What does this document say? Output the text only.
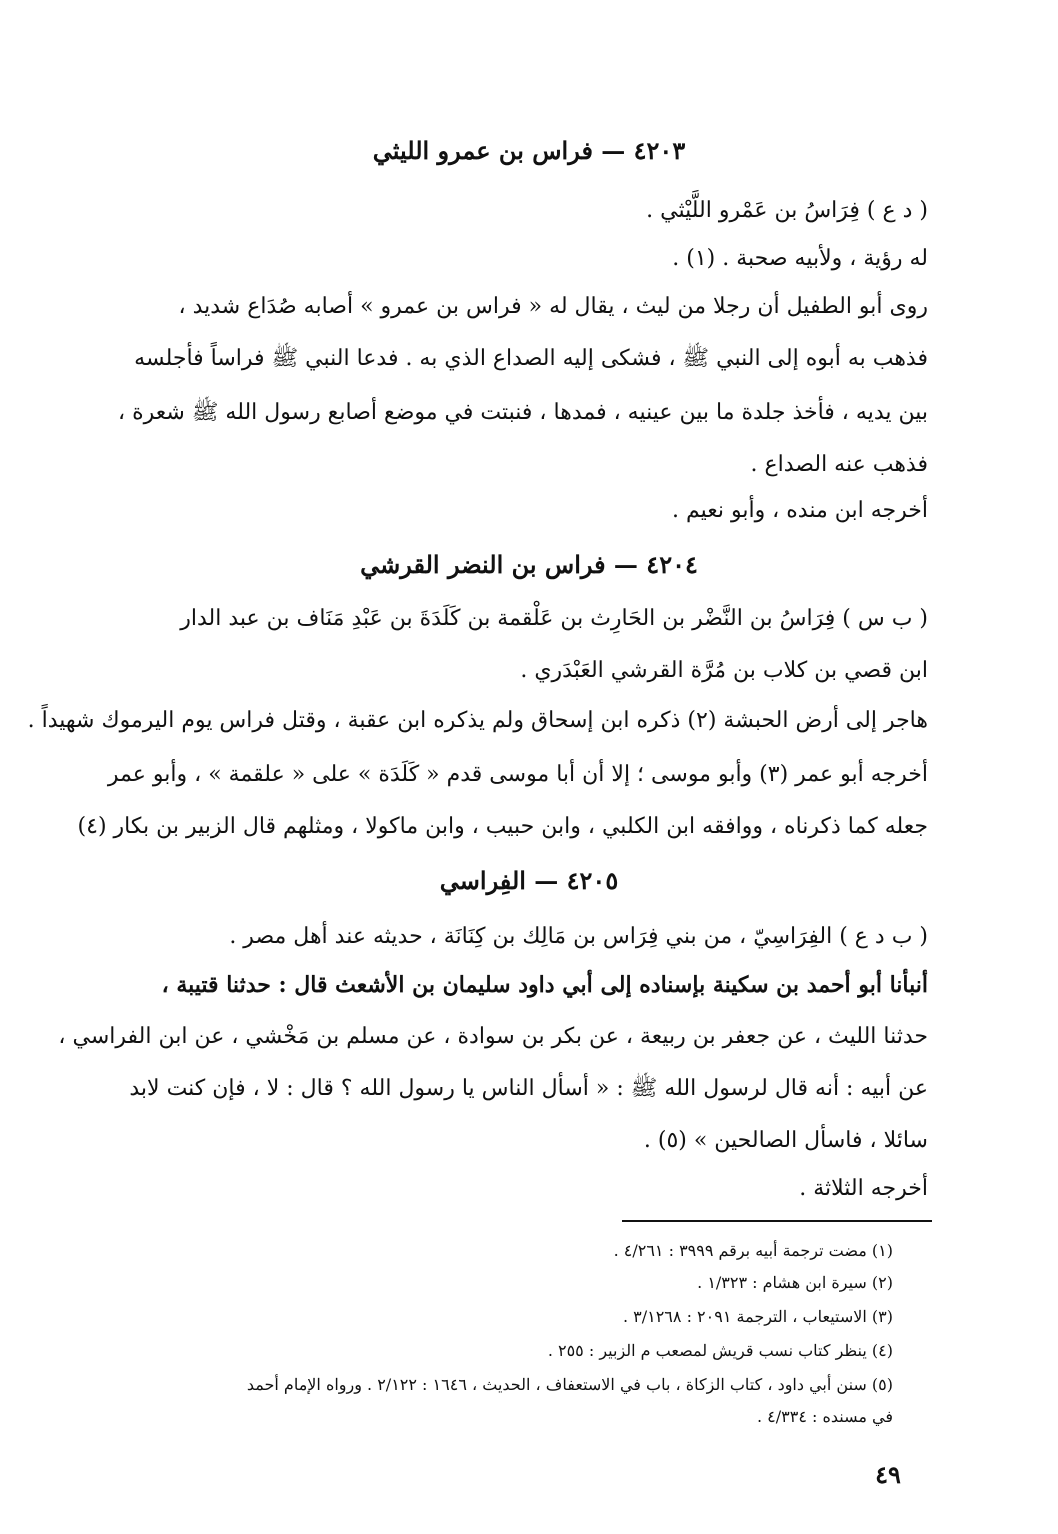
٤٢٠٣ — فراس بن عمرو الليثي
( د ع ) فِرَاسُ بن عَمْرو اللَّيْثي .
له رؤية ، ولأبيه صحبة . (١) .
روى أبو الطفيل أن رجلا من ليث ، يقال له « فراس بن عمرو » أصابه صُدَاع شديد ،
فذهب به أبوه إلى النبي ﷺ ، فشكى إليه الصداع الذي به . فدعا النبي ﷺ فراساً فأجلسه
بين يديه ، فأخذ جلدة ما بين عينيه ، فمدها ، فنبتت في موضع أصابع رسول الله ﷺ شعرة ،
فذهب عنه الصداع .
أخرجه ابن منده ، وأبو نعيم .
٤٢٠٤ — فراس بن النضر القرشي
( ب س ) فِرَاسُ بن النَّضْر بن الحَارِث بن عَلْقمة بن كَلَدَةَ بن عَبْدِ مَنَاف بن عبد الدار
ابن قصي بن كلاب بن مُرَّة القرشي العَبْدَري .
هاجر إلى أرض الحبشة (٢) ذكره ابن إسحاق ولم يذكره ابن عقبة ، وقتل فراس يوم اليرموك شهيداً .
أخرجه أبو عمر (٣) وأبو موسى ؛ إلا أن أبا موسى قدم « كَلَدَة » على « علقمة » ، وأبو عمر
جعله كما ذكرناه ، ووافقه ابن الكلبي ، وابن حبيب ، وابن ماكولا ، ومثلهم قال الزبير بن بكار (٤)
٤٢٠٥ — الفِراسي
( ب د ع ) الفِرَاسِيّ ، من بني فِرَاس بن مَالِك بن كِنَانَة ، حديثه عند أهل مصر .
أنبأنا أبو أحمد بن سكينة بإسناده إلى أبي داود سليمان بن الأشعث قال : حدثنا قتيبة ،
حدثنا الليث ، عن جعفر بن ربيعة ، عن بكر بن سوادة ، عن مسلم بن مَخْشي ، عن ابن الفراسي ،
عن أبيه : أنه قال لرسول الله ﷺ : « أسأل الناس يا رسول الله ؟ قال : لا ، فإن كنت لابد
سائلا ، فاسأل الصالحين » (٥) .
أخرجه الثلاثة .
(١) مضت ترجمة أبيه برقم ٣٩٩٩ : ٤/٢٦١ .
(٢) سيرة ابن هشام : ١/٣٢٣ .
(٣) الاستيعاب ، الترجمة ٢٠٩١ : ٣/١٢٦٨ .
(٤) ينظر كتاب نسب قريش لمصعب م الزبير : ٢٥٥ .
(٥) سنن أبي داود ، كتاب الزكاة ، باب في الاستعفاف ، الحديث ، ١٦٤٦ : ٢/١٢٢ . ورواه الإمام أحمد
في مسنده : ٤/٣٣٤ .
٤٩
